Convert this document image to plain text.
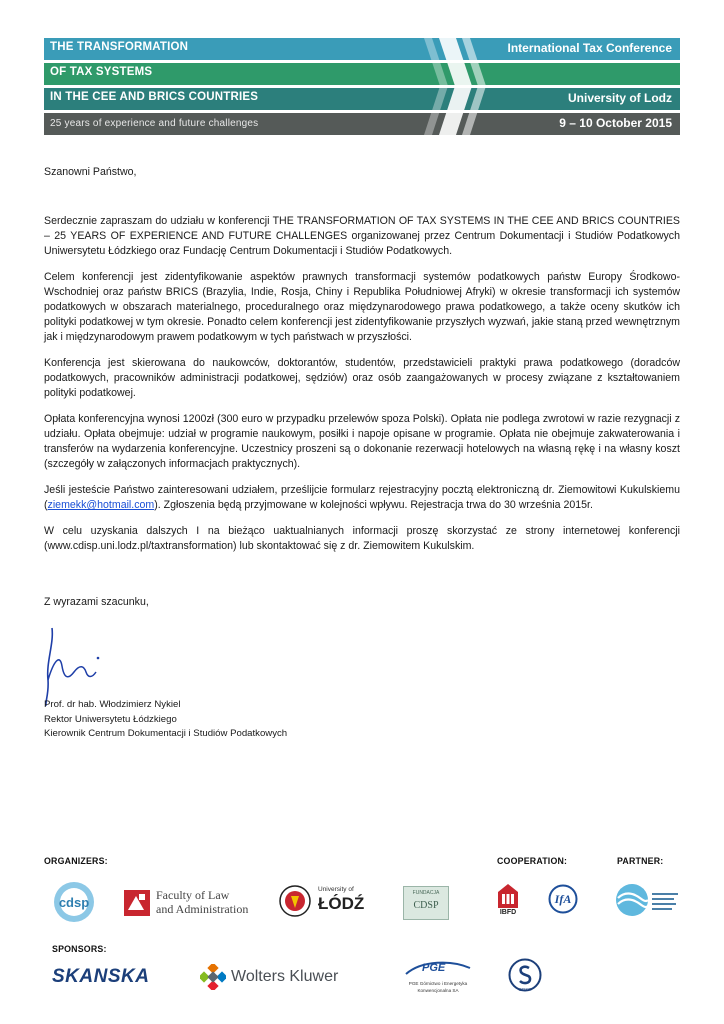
THE TRANSFORMATION	International Tax Conference
OF TAX SYSTEMS
IN THE CEE AND BRICS COUNTRIES	University of Lodz
25 years of experience and future challenges	9 – 10 October 2015

Szanowni Państwo,

Serdecznie zapraszam do udziału w konferencji THE TRANSFORMATION OF TAX SYSTEMS IN THE CEE AND BRICS COUNTRIES – 25 YEARS OF EXPERIENCE AND FUTURE CHALLENGES organizowanej przez Centrum Dokumentacji i Studiów Podatkowych Uniwersytetu Łódzkiego oraz Fundację Centrum Dokumentacji i Studiów Podatkowych.

Celem konferencji jest zidentyfikowanie aspektów prawnych transformacji systemów podatkowych państw Europy Środkowo-Wschodniej oraz państw BRICS (Brazylia, Indie, Rosja, Chiny i Republika Południowej Afryki) w okresie transformacji ich systemów podatkowych w obszarach materialnego, proceduralnego oraz międzynarodowego prawa podatkowego, a także oceny skutków ich polityki podatkowej w tym okresie. Ponadto celem konferencji jest zidentyfikowanie przyszłych wyzwań, jakie staną przed wewnętrznym jak i międzynarodowym prawem podatkowym w tych państwach w przyszłości.

Konferencja jest skierowana do naukowców, doktorantów, studentów, przedstawicieli praktyki prawa podatkowego (doradców podatkowych, pracowników administracji podatkowej, sędziów) oraz osób zaangażowanych w procesy związane z kształtowaniem polityki podatkowej.

Opłata konferencyjna wynosi 1200zł (300 euro w przypadku przelewów spoza Polski). Opłata nie podlega zwrotowi w razie rezygnacji z udziału. Opłata obejmuje: udział w programie naukowym, posiłki i napoje opisane w programie. Opłata nie obejmuje zakwaterowania i transferów na wydarzenia konferencyjne. Uczestnicy proszeni są o dokonanie rezerwacji hotelowych na własną rękę i na własny koszt (szczegóły w załączonych informacjach praktycznych).

Jeśli jesteście Państwo zainteresowani udziałem, prześlijcie formularz rejestracyjny pocztą elektroniczną dr. Ziemowitowi Kukulskiemu (ziemekk@hotmail.com). Zgłoszenia będą przyjmowane w kolejności wpływu. Rejestracja trwa do 30 września 2015r.

W celu uzyskania dalszych I na bieżąco uaktualnianych informacji proszę skorzystać ze strony internetowej konferencji (www.cdisp.uni.lodz.pl/taxtransformation) lub skontaktować się z dr. Ziemowitem Kukulskim.

Z wyrazami szacunku,
Prof. dr hab. Włodzimierz Nykiel
Rektor Uniwersytetu Łódzkiego
Kierownik Centrum Dokumentacji i Studiów Podatkowych
ORGANIZERS:	COOPERATION:	PARTNER:
cdsp	Faculty of Law
and Administration
University of
ŁÓDŹ
FUNDACJA
CDSP
IBFD
IfA
SPONSORS:
SKANSKA	Wolters Kluwer	PGE
PGE Górnictwo i Energetyka
Konwencjonalna SA	CDSP
